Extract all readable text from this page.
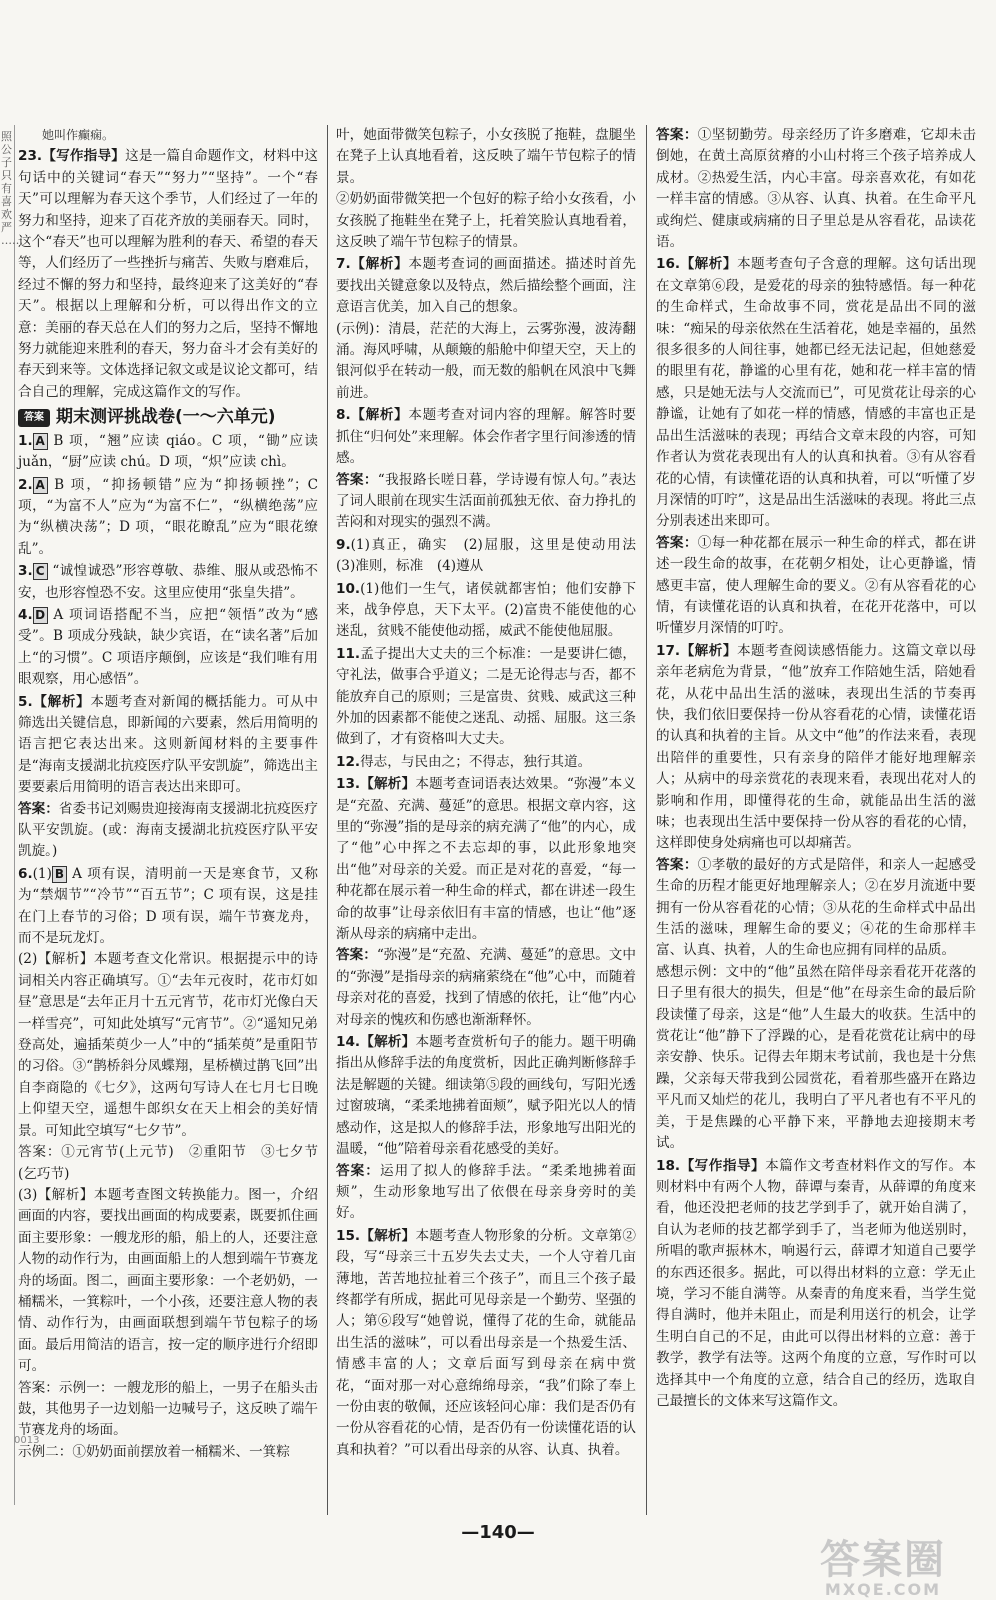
照公子 只有喜欢 严 ……
她叫作癫痫。
23.【写作指导】这是一篇自命题作文，材料中这句话中的关键词“春天”“努力”“坚持”。一个“春天”可以理解为春天这个季节，人们经过了一年的努力和坚持，迎来了百花齐放的美丽春天。同时，这个“春天”也可以理解为胜利的春天、希望的春天等，人们经历了一些挫折与痛苦、失败与磨难后，经过不懈的努力和坚持，最终迎来了这美好的“春天”。根据以上理解和分析，可以得出作文的立意：美丽的春天总在人们的努力之后，坚持不懈地努力就能迎来胜利的春天，努力奋斗才会有美好的春天到来等。文体选择记叙文或是议论文都可，结合自己的理解，完成这篇作文的写作。
答案 期末测评挑战卷(一～六单元)
1. A B 项，“翘”应读 qiáo。C 项，“锄”应读 juǎn，“厨”应读 chú。D 项，“炽”应读 chì。
2. A B 项，“抑扬顿错”应为“抑扬顿挫”；C 项，“为富不人”应为“为富不仁”，“纵横绝荡”应为“纵横决荡”；D 项，“眼花瞭乱”应为“眼花缭乱”。
3. C “诚惶诚恐”形容尊敬、恭维、服从或恐怖不安，也形容惶恐不安。这里应使用“张皇失措”。
4. D A 项词语搭配不当，应把“领悟”改为“感受”。B 项成分残缺，缺少宾语，在“读名著”后加上“的习惯”。C 项语序颠倒，应该是“我们唯有用眼观察，用心感悟”。
5.【解析】本题考查对新闻的概括能力。可从中筛选出关键信息，即新闻的六要素，然后用简明的语言把它表达出来。这则新闻材料的主要事件是“海南支援湖北抗疫医疗队平安凯旋”，筛选出主要要素后用简明的语言表达出来即可。

答案：省委书记刘赐贵迎接海南支援湖北抗疫医疗队平安凯旋。(或：海南支援湖北抗疫医疗队平安凯旋。)

6.(1) B A 项有误，清明前一天是寒食节，又称为“禁烟节”“冷节”“百五节”；C 项有误，这是挂在门上春节的习俗；D 项有误，端午节赛龙舟，而不是玩龙灯。

(2)【解析】本题考查文化常识。根据提示中的诗词相关内容正确填写。①“去年元夜时，花市灯如昼”意思是“去年正月十五元宵节，花市灯光像白天一样雪亮”，可知此处填写“元宵节”。②“遥知兄弟登高处，遍插茱萸少一人”中的“插茱萸”是重阳节的习俗。③“鹊桥斜分凤蝶翔，星桥横过鹊飞回”出自李商隐的《七夕》，这两句写诗人在七月七日晚上仰望天空，遥想牛郎织女在天上相会的美好情景。可知此空填写“七夕节”。

答案：①元宵节(上元节)　②重阳节　③七夕节(乞巧节)

(3)【解析】本题考查图文转换能力。图一，介绍画面的内容，要找出画面的构成要素，既要抓住画面主要形象：一艘龙形的船，船上的人，还要注意人物的动作行为，由画面船上的人想到端午节赛龙舟的场面。图二，画面主要形象：一个老奶奶，一桶糯米，一箕粽叶，一个小孩，还要注意人物的表情、动作行为，由画面联想到端午节包粽子的场面。最后用简洁的语言，按一定的顺序进行介绍即可。

答案：示例一：一艘龙形的船上，一男子在船头击鼓，其他男子一边划船一边喊号子，这反映了端午节赛龙舟的场面。

示例二：①奶奶面前摆放着一桶糯米、一箕粽

叶，她面带微笑包粽子，小女孩脱了拖鞋，盘腿坐在凳子上认真地看着，这反映了端午节包粽子的情景。

②奶奶面带微笑把一个包好的粽子给小女孩看，小女孩脱了拖鞋坐在凳子上，托着笑脸认真地看着，这反映了端午节包粽子的情景。

7.【解析】本题考查词的画面描述。描述时首先要找出关键意象以及特点，然后描绘整个画面，注意语言优美，加入自己的想象。

(示例)：清晨，茫茫的大海上，云雾弥漫，波涛翻涌。海风呼啸，从颠簸的船舱中仰望天空，天上的银河似乎在转动一般，而无数的船帆在风浪中飞舞前进。

8.【解析】本题考查对词内容的理解。解答时要抓住“归何处”来理解。体会作者字里行间渗透的情感。

答案：“我报路长嗟日暮，学诗谩有惊人句。”表达了词人眼前在现实生活面前孤独无依、奋力挣扎的苦闷和对现实的强烈不满。

9.(1)真正，确实　(2)屈服，这里是使动用法　(3)准则，标准　(4)遵从
10.(1)他们一生气，诸侯就都害怕；他们安静下来，战争停息，天下太平。(2)富贵不能使他的心迷乱，贫贱不能使他动摇，威武不能使他屈服。
11.孟子提出大丈夫的三个标准：一是要讲仁德，守礼法，做事合乎道义；二是无论得志与否，都不能放弃自己的原则；三是富贵、贫贱、威武这三种外加的因素都不能使之迷乱、动摇、屈服。这三条做到了，才有资格叫大丈夫。
12.得志，与民由之；不得志，独行其道。
13.【解析】本题考查词语表达效果。“弥漫”本义是“充盈、充满、蔓延”的意思。根据文章内容，这里的“弥漫”指的是母亲的病充满了“他”的内心，成了“他”心中挥之不去忘却的事，以此形象地突出“他”对母亲的关爱。而正是对花的喜爱，“每一种花都在展示着一种生命的样式，都在讲述一段生命的故事”让母亲依旧有丰富的情感，也让“他”逐渐从母亲的病痛中走出。

答案：“弥漫”是“充盈、充满、蔓延”的意思。文中的“弥漫”是指母亲的病痛萦绕在“他”心中，而随着母亲对花的喜爱，找到了情感的依托，让“他”内心对母亲的愧疚和伤感也渐渐释怀。

14.【解析】本题考查赏析句子的能力。题干明确指出从修辞手法的角度赏析，因此正确判断修辞手法是解题的关键。细读第⑤段的画线句，写阳光透过窗玻璃，“柔柔地拂着面颊”，赋予阳光以人的情感动作，这是拟人的修辞手法，形象地写出阳光的温暖，“他”陪着母亲看花感受的美好。

答案：运用了拟人的修辞手法。“柔柔地拂着面颊”，生动形象地写出了依偎在母亲身旁时的美好。

15.【解析】本题考查人物形象的分析。文章第②段，写“母亲三十五岁失去丈夫，一个人守着几亩薄地，苦苦地拉扯着三个孩子”，而且三个孩子最终都学有所成，据此可见母亲是一个勤劳、坚强的人；第⑥段写“她曾说，懂得了花的生命，就能品出生活的滋味”，可以看出母亲是一个热爱生活、情感丰富的人；文章后面写到母亲在病中赏花，“面对那一对心意绵绵母亲，“我”们除了奉上一份由衷的敬佩，还应该轻问心扉：我们是否仍有一份从容看花的心情，是否仍有一份读懂花语的认真和执着？”可以看出母亲的从容、认真、执着。
答案：①坚韧勤劳。母亲经历了许多磨难，它却未击倒她，在黄土高原贫瘠的小山村将三个孩子培养成人成材。②热爱生活，内心丰富。母亲喜欢花，有如花一样丰富的情感。③从容、认真、执着。在生命平凡或绚烂、健康或病痛的日子里总是从容看花，品读花语。
16.【解析】本题考查句子含意的理解。这句话出现在文章第⑥段，是爱花的母亲的独特感悟。每一种花的生命样式，生命故事不同，赏花是品出不同的滋味：“痴呆的母亲依然在生活着花，她是幸福的，虽然很多很多的人间往事，她都已经无法记起，但她慈爱的眼里有花，静谧的心里有花，她和花一样丰富的情感，只是她无法与人交流而已”，可见赏花让母亲的心静谧，让她有了如花一样的情感，情感的丰富也正是品出生活滋味的表现；再结合文章末段的内容，可知作者认为赏花表现出有人的认真和执着。③有从容看花的心情，有读懂花语的认真和执着，可以“听懂了岁月深情的叮咛”，这是品出生活滋味的表现。将此三点分别表述出来即可。

答案：①每一种花都在展示一种生命的样式，都在讲述一段生命的故事，在花朝夕相处，让心更静谧，情感更丰富，使人理解生命的要义。②有从容看花的心情，有读懂花语的认真和执着，在花开花落中，可以听懂岁月深情的叮咛。

17.【解析】本题考查阅读感悟能力。这篇文章以母亲年老病危为背景，“他”放弃工作陪她生活，陪她看花，从花中品出生活的滋味，表现出生活的节奏再快，我们依旧要保持一份从容看花的心情，读懂花语的认真和执着的主旨。从文中“他”的作法来看，表现出陪伴的重要性，只有亲身的陪伴才能好地理解亲人；从病中的母亲赏花的表现来看，表现出花对人的影响和作用，即懂得花的生命，就能品出生活的滋味；也表现出生活中要保持一份从容的看花的心情，这样即使身处病痛也可以却痛苦。

答案：①孝敬的最好的方式是陪伴，和亲人一起感受生命的历程才能更好地理解亲人；②在岁月流逝中要拥有一份从容看花的心情；③从花的生命样式中品出生活的滋味，理解生命的要义；④花的生命那样丰富、认真、执着，人的生命也应拥有同样的品质。

感想示例：文中的“他”虽然在陪伴母亲看花开花落的日子里有很大的损失，但是“他”在母亲生命的最后阶段读懂了母亲，这是“他”人生最大的收获。生活中的赏花让“他”静下了浮躁的心，是看花赏花让病中的母亲安静、快乐。记得去年期末考试前，我也是十分焦躁，父亲每天带我到公园赏花，看着那些盛开在路边平凡而又灿烂的花儿，我明白了平凡者也有不平凡的美，于是焦躁的心平静下来，平静地去迎接期末考试。

18.【写作指导】本篇作文考查材料作文的写作。本则材料中有两个人物，薛谭与秦青，从薛谭的角度来看，他还没把老师的技艺学到手了，就开始自满了，自认为老师的技艺都学到手了，当老师为他送别时，所唱的歌声振林木，响遏行云，薛谭才知道自己要学的东西还很多。据此，可以得出材料的立意：学无止境，学习不能自满等。从秦青的角度来看，当学生觉得自满时，他并未阻止，而是利用送行的机会，让学生明白自己的不足，由此可以得出材料的立意：善于教学，教学有法等。这两个角度的立意，写作时可以选择其中一个角度的立意，结合自己的经历，选取自己最擅长的文体来写这篇作文。
0013
—140—
答案圈
MXQE.COM
